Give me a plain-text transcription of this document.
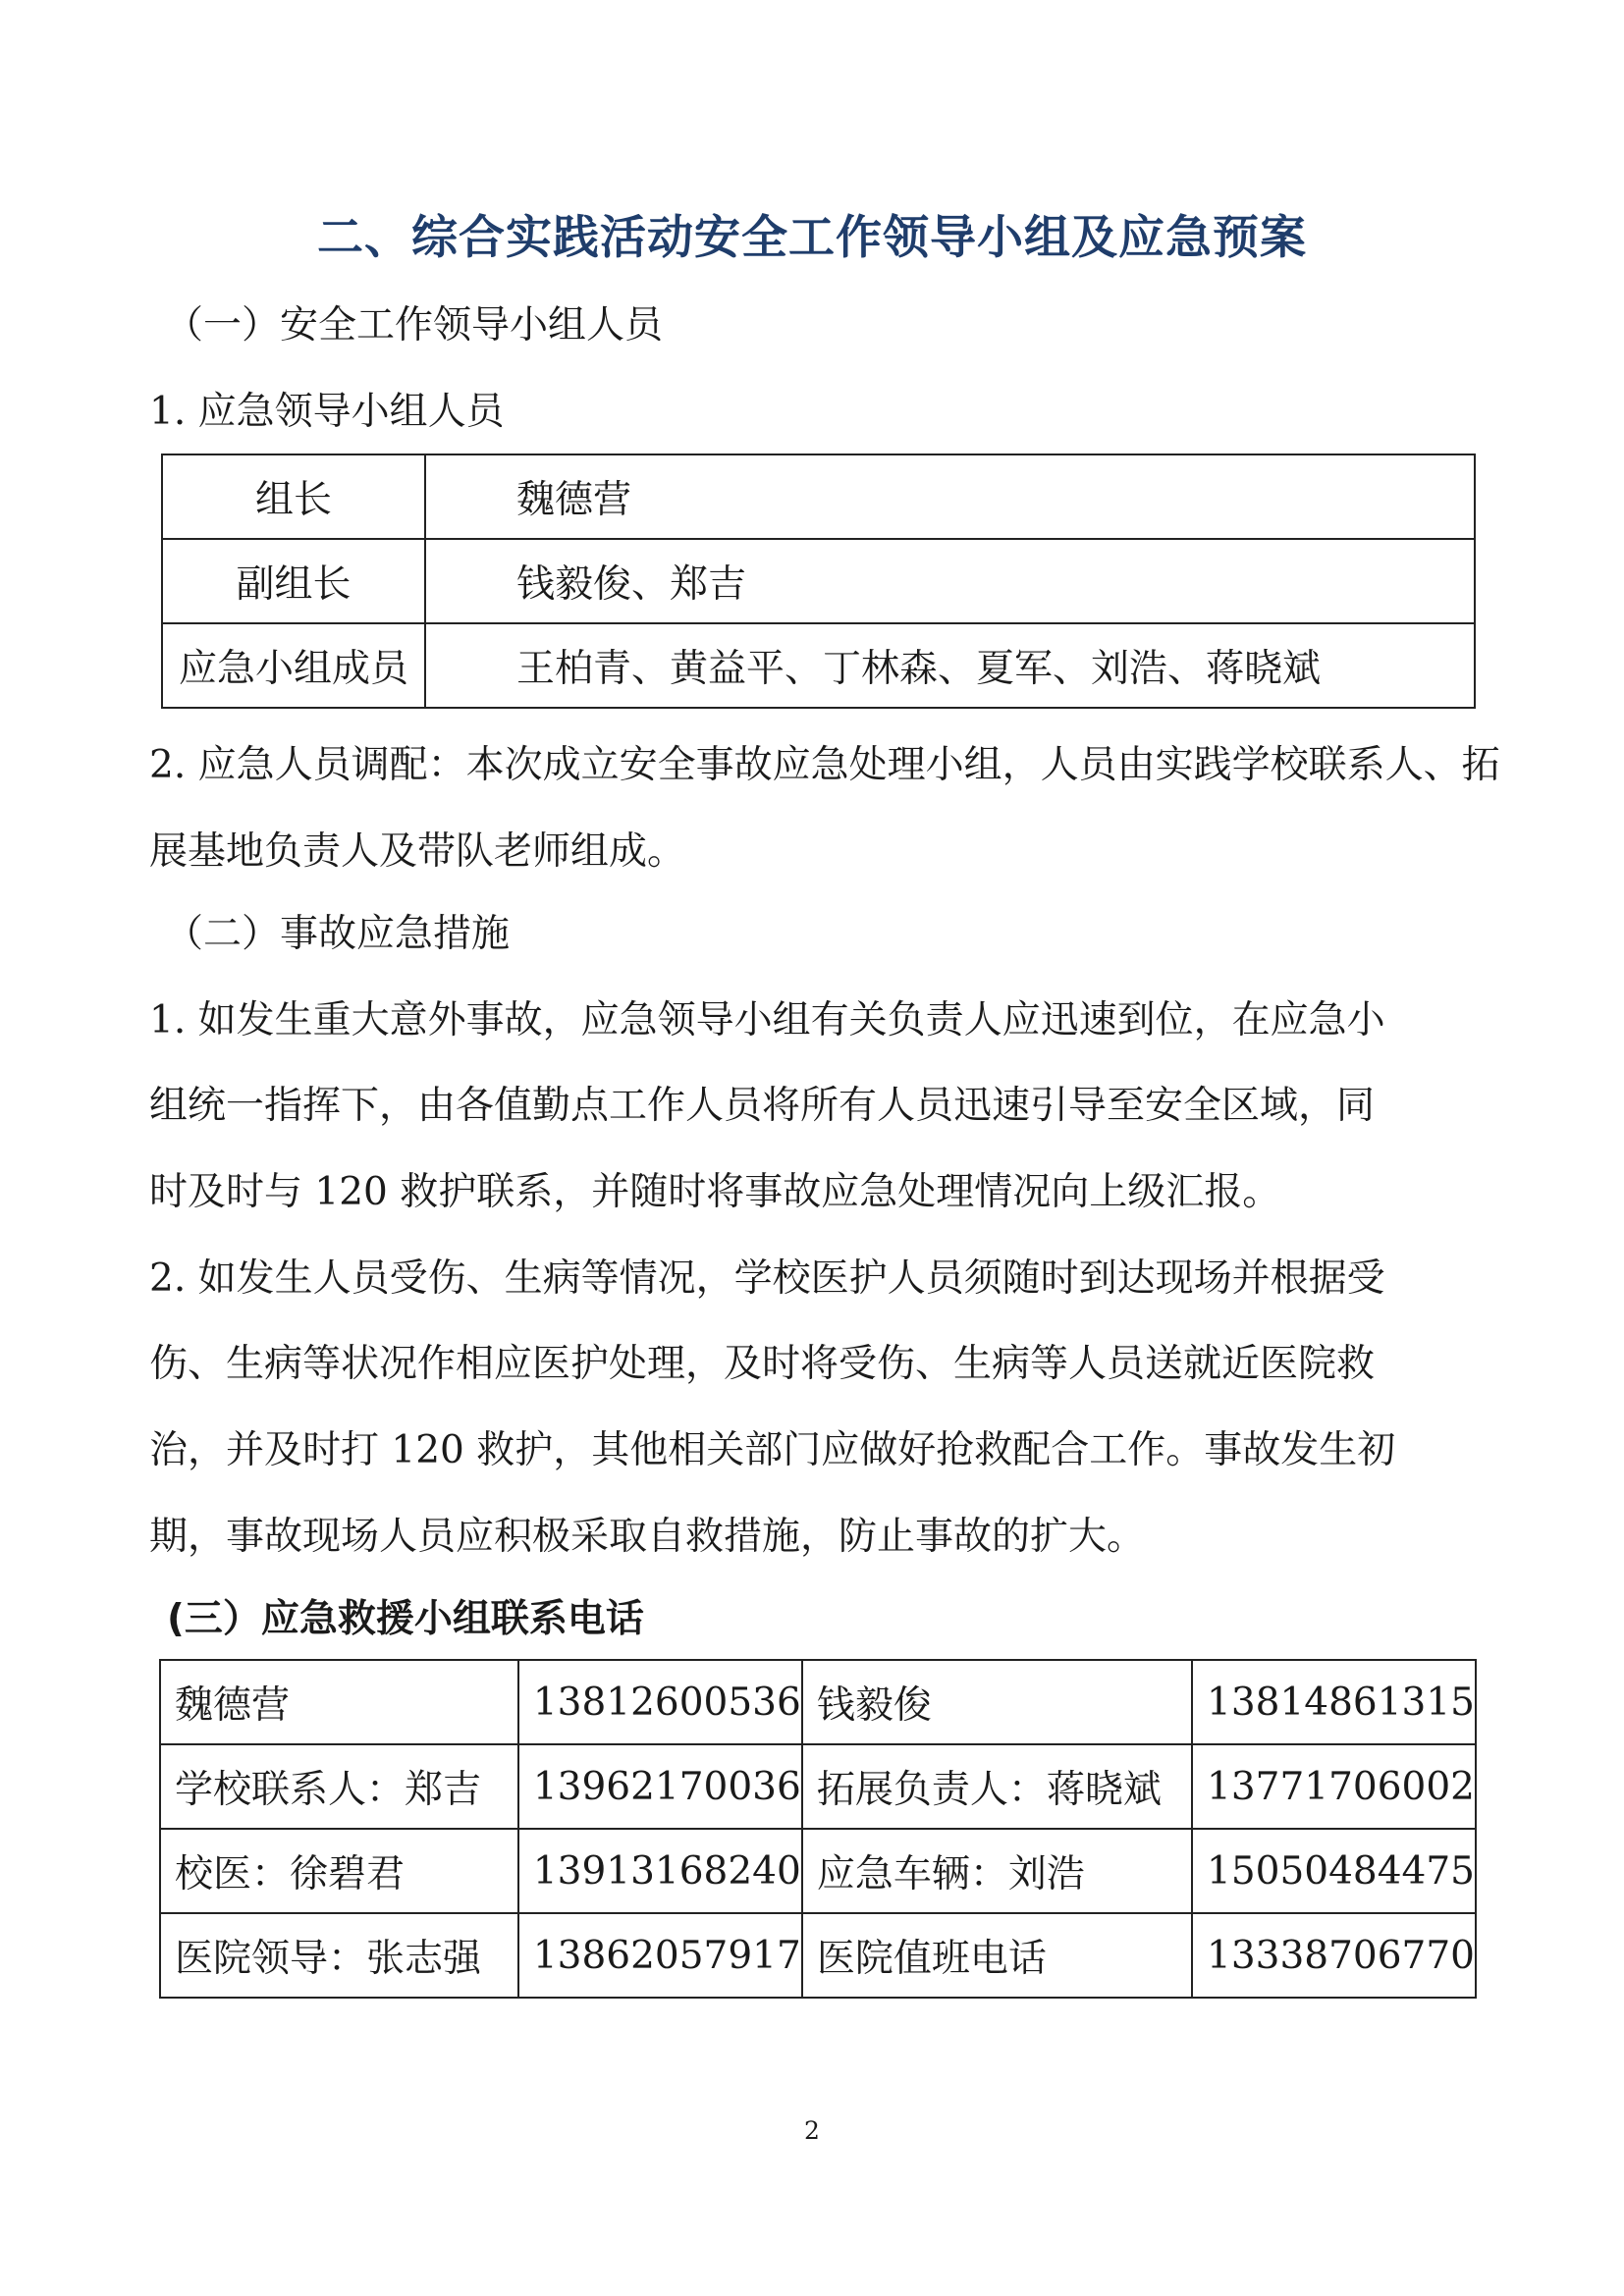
二、综合实践活动安全工作领导小组及应急预案
（一）安全工作领导小组人员
1. 应急领导小组人员
组长	魏德营
副组长	钱毅俊、郑吉
应急小组成员	王柏青、黄益平、丁林森、夏军、刘浩、蒋晓斌
2. 应急人员调配：本次成立安全事故应急处理小组，人员由实践学校联系人、拓
展基地负责人及带队老师组成。
（二）事故应急措施
1. 如发生重大意外事故，应急领导小组有关负责人应迅速到位，在应急小
组统一指挥下，由各值勤点工作人员将所有人员迅速引导至安全区域，同
时及时与 120 救护联系，并随时将事故应急处理情况向上级汇报。
2. 如发生人员受伤、生病等情况，学校医护人员须随时到达现场并根据受
伤、生病等状况作相应医护处理，及时将受伤、生病等人员送就近医院救
治，并及时打 120 救护，其他相关部门应做好抢救配合工作。事故发生初
期，事故现场人员应积极采取自救措施，防止事故的扩大。
(三）应急救援小组联系电话
魏德营	13812600536	钱毅俊	13814861315
学校联系人：郑吉	13962170036	拓展负责人：蒋晓斌	13771706002
校医：徐碧君	13913168240	应急车辆：刘浩	15050484475
医院领导：张志强	13862057917	医院值班电话	13338706770
2
